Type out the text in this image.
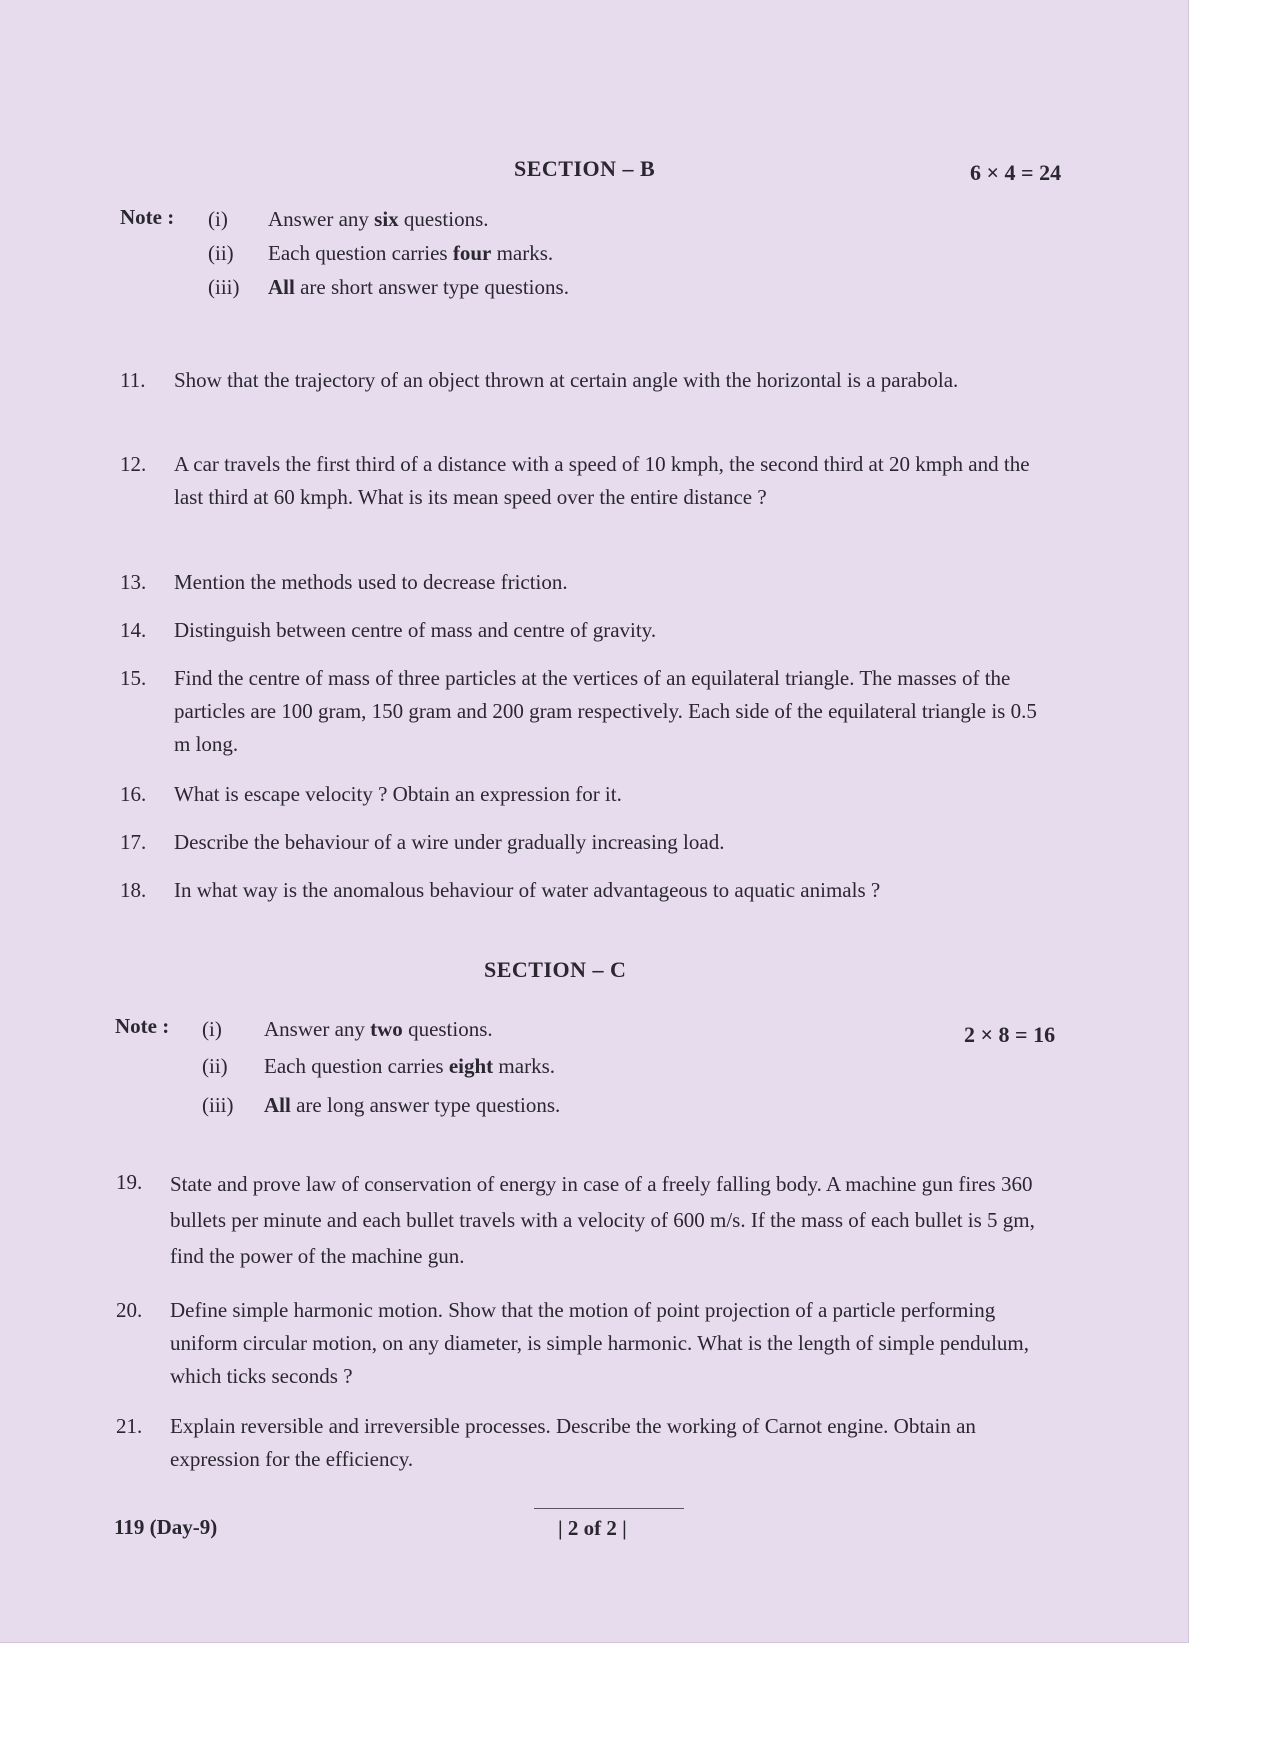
SECTION – B	6 × 4 = 24
Note : (i) Answer any six questions.
(ii) Each question carries four marks.
(iii) All are short answer type questions.
11.	Show that the trajectory of an object thrown at certain angle with the horizontal is a parabola.
12.	A car travels the first third of a distance with a speed of 10 kmph, the second third at 20 kmph and the last third at 60 kmph. What is its mean speed over the entire distance ?
13.	Mention the methods used to decrease friction.
14.	Distinguish between centre of mass and centre of gravity.
15.	Find the centre of mass of three particles at the vertices of an equilateral triangle. The masses of the particles are 100 gram, 150 gram and 200 gram respectively. Each side of the equilateral triangle is 0.5 m long.
16.	What is escape velocity ? Obtain an expression for it.
17.	Describe the behaviour of a wire under gradually increasing load.
18.	In what way is the anomalous behaviour of water advantageous to aquatic animals ?
SECTION – C
Note :	2 × 8 = 16
(i) Answer any two questions.
(ii) Each question carries eight marks.
(iii) All are long answer type questions.
19.	State and prove law of conservation of energy in case of a freely falling body. A machine gun fires 360 bullets per minute and each bullet travels with a velocity of 600 m/s. If the mass of each bullet is 5 gm, find the power of the machine gun.
20.	Define simple harmonic motion. Show that the motion of point projection of a particle performing uniform circular motion, on any diameter, is simple harmonic. What is the length of simple pendulum, which ticks seconds ?
21.	Explain reversible and irreversible processes. Describe the working of Carnot engine. Obtain an expression for the efficiency.
119 (Day-9)	| 2 of 2 |
